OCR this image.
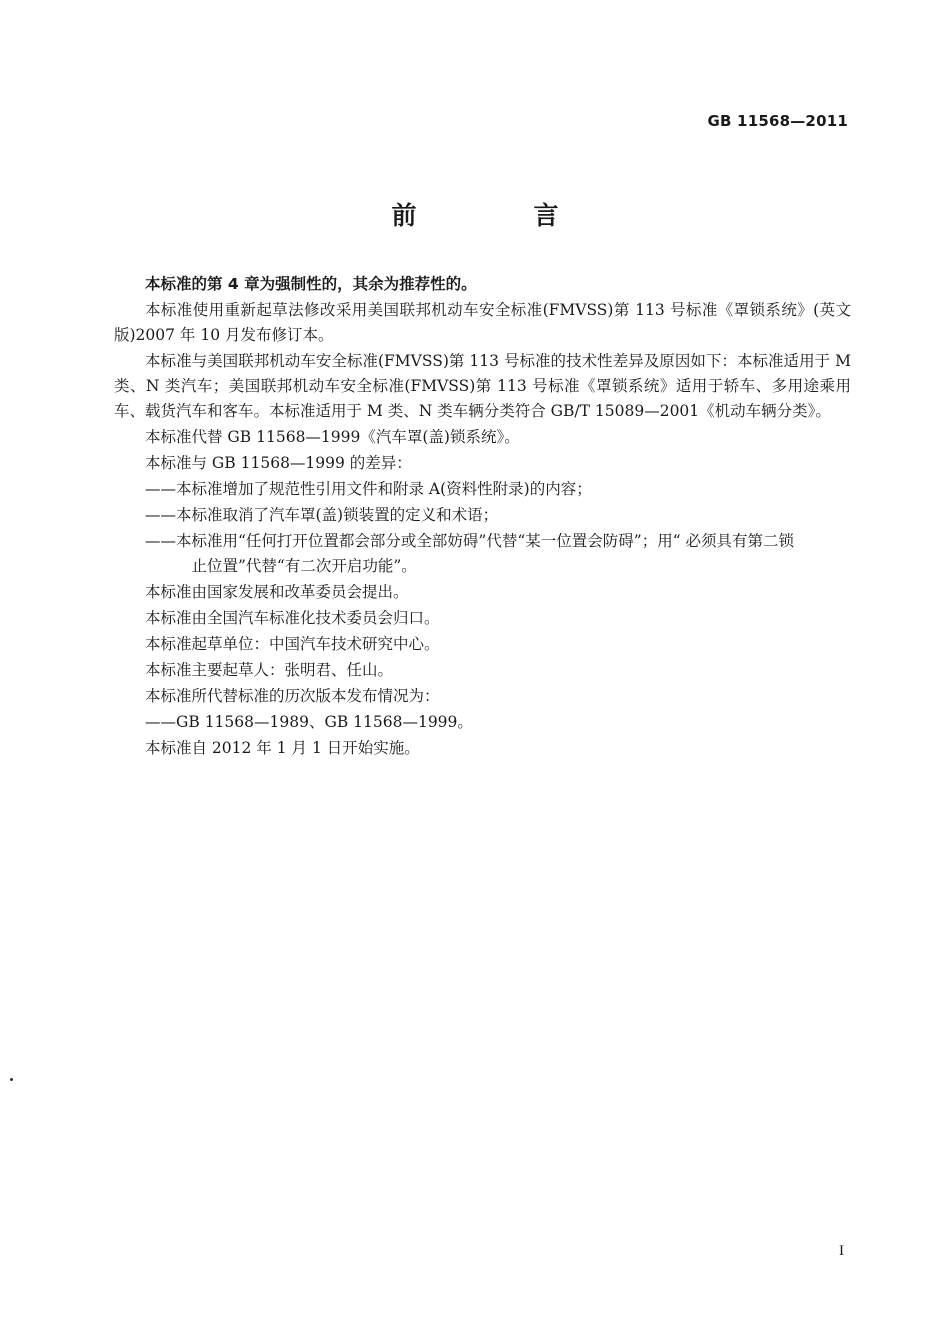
GB 11568—2011
前　言

本标准的第 4 章为强制性的，其余为推荐性的。

本标准使用重新起草法修改采用美国联邦机动车安全标准(FMVSS)第 113 号标准《罩锁系统》(英文版)2007 年 10 月发布修订本。

本标准与美国联邦机动车安全标准(FMVSS)第 113 号标准的技术性差异及原因如下：本标准适用于 M 类、N 类汽车；美国联邦机动车安全标准(FMVSS)第 113 号标准《罩锁系统》适用于轿车、多用途乘用车、载货汽车和客车。本标准适用于 M 类、N 类车辆分类符合 GB/T 15089—2001《机动车辆分类》。

本标准代替 GB 11568—1999《汽车罩(盖)锁系统》。

本标准与 GB 11568—1999 的差异：

——本标准增加了规范性引用文件和附录 A(资料性附录)的内容；

——本标准取消了汽车罩(盖)锁装置的定义和术语；

——本标准用“任何打开位置都会部分或全部妨碍”代替“某一位置会防碍”；用“ 必须具有第二锁
止位置”代替“有二次开启功能”。

本标准由国家发展和改革委员会提出。

本标准由全国汽车标准化技术委员会归口。

本标准起草单位：中国汽车技术研究中心。

本标准主要起草人：张明君、任山。

本标准所代替标准的历次版本发布情况为：

——GB 11568—1989、GB 11568—1999。

本标准自 2012 年 1 月 1 日开始实施。

I
